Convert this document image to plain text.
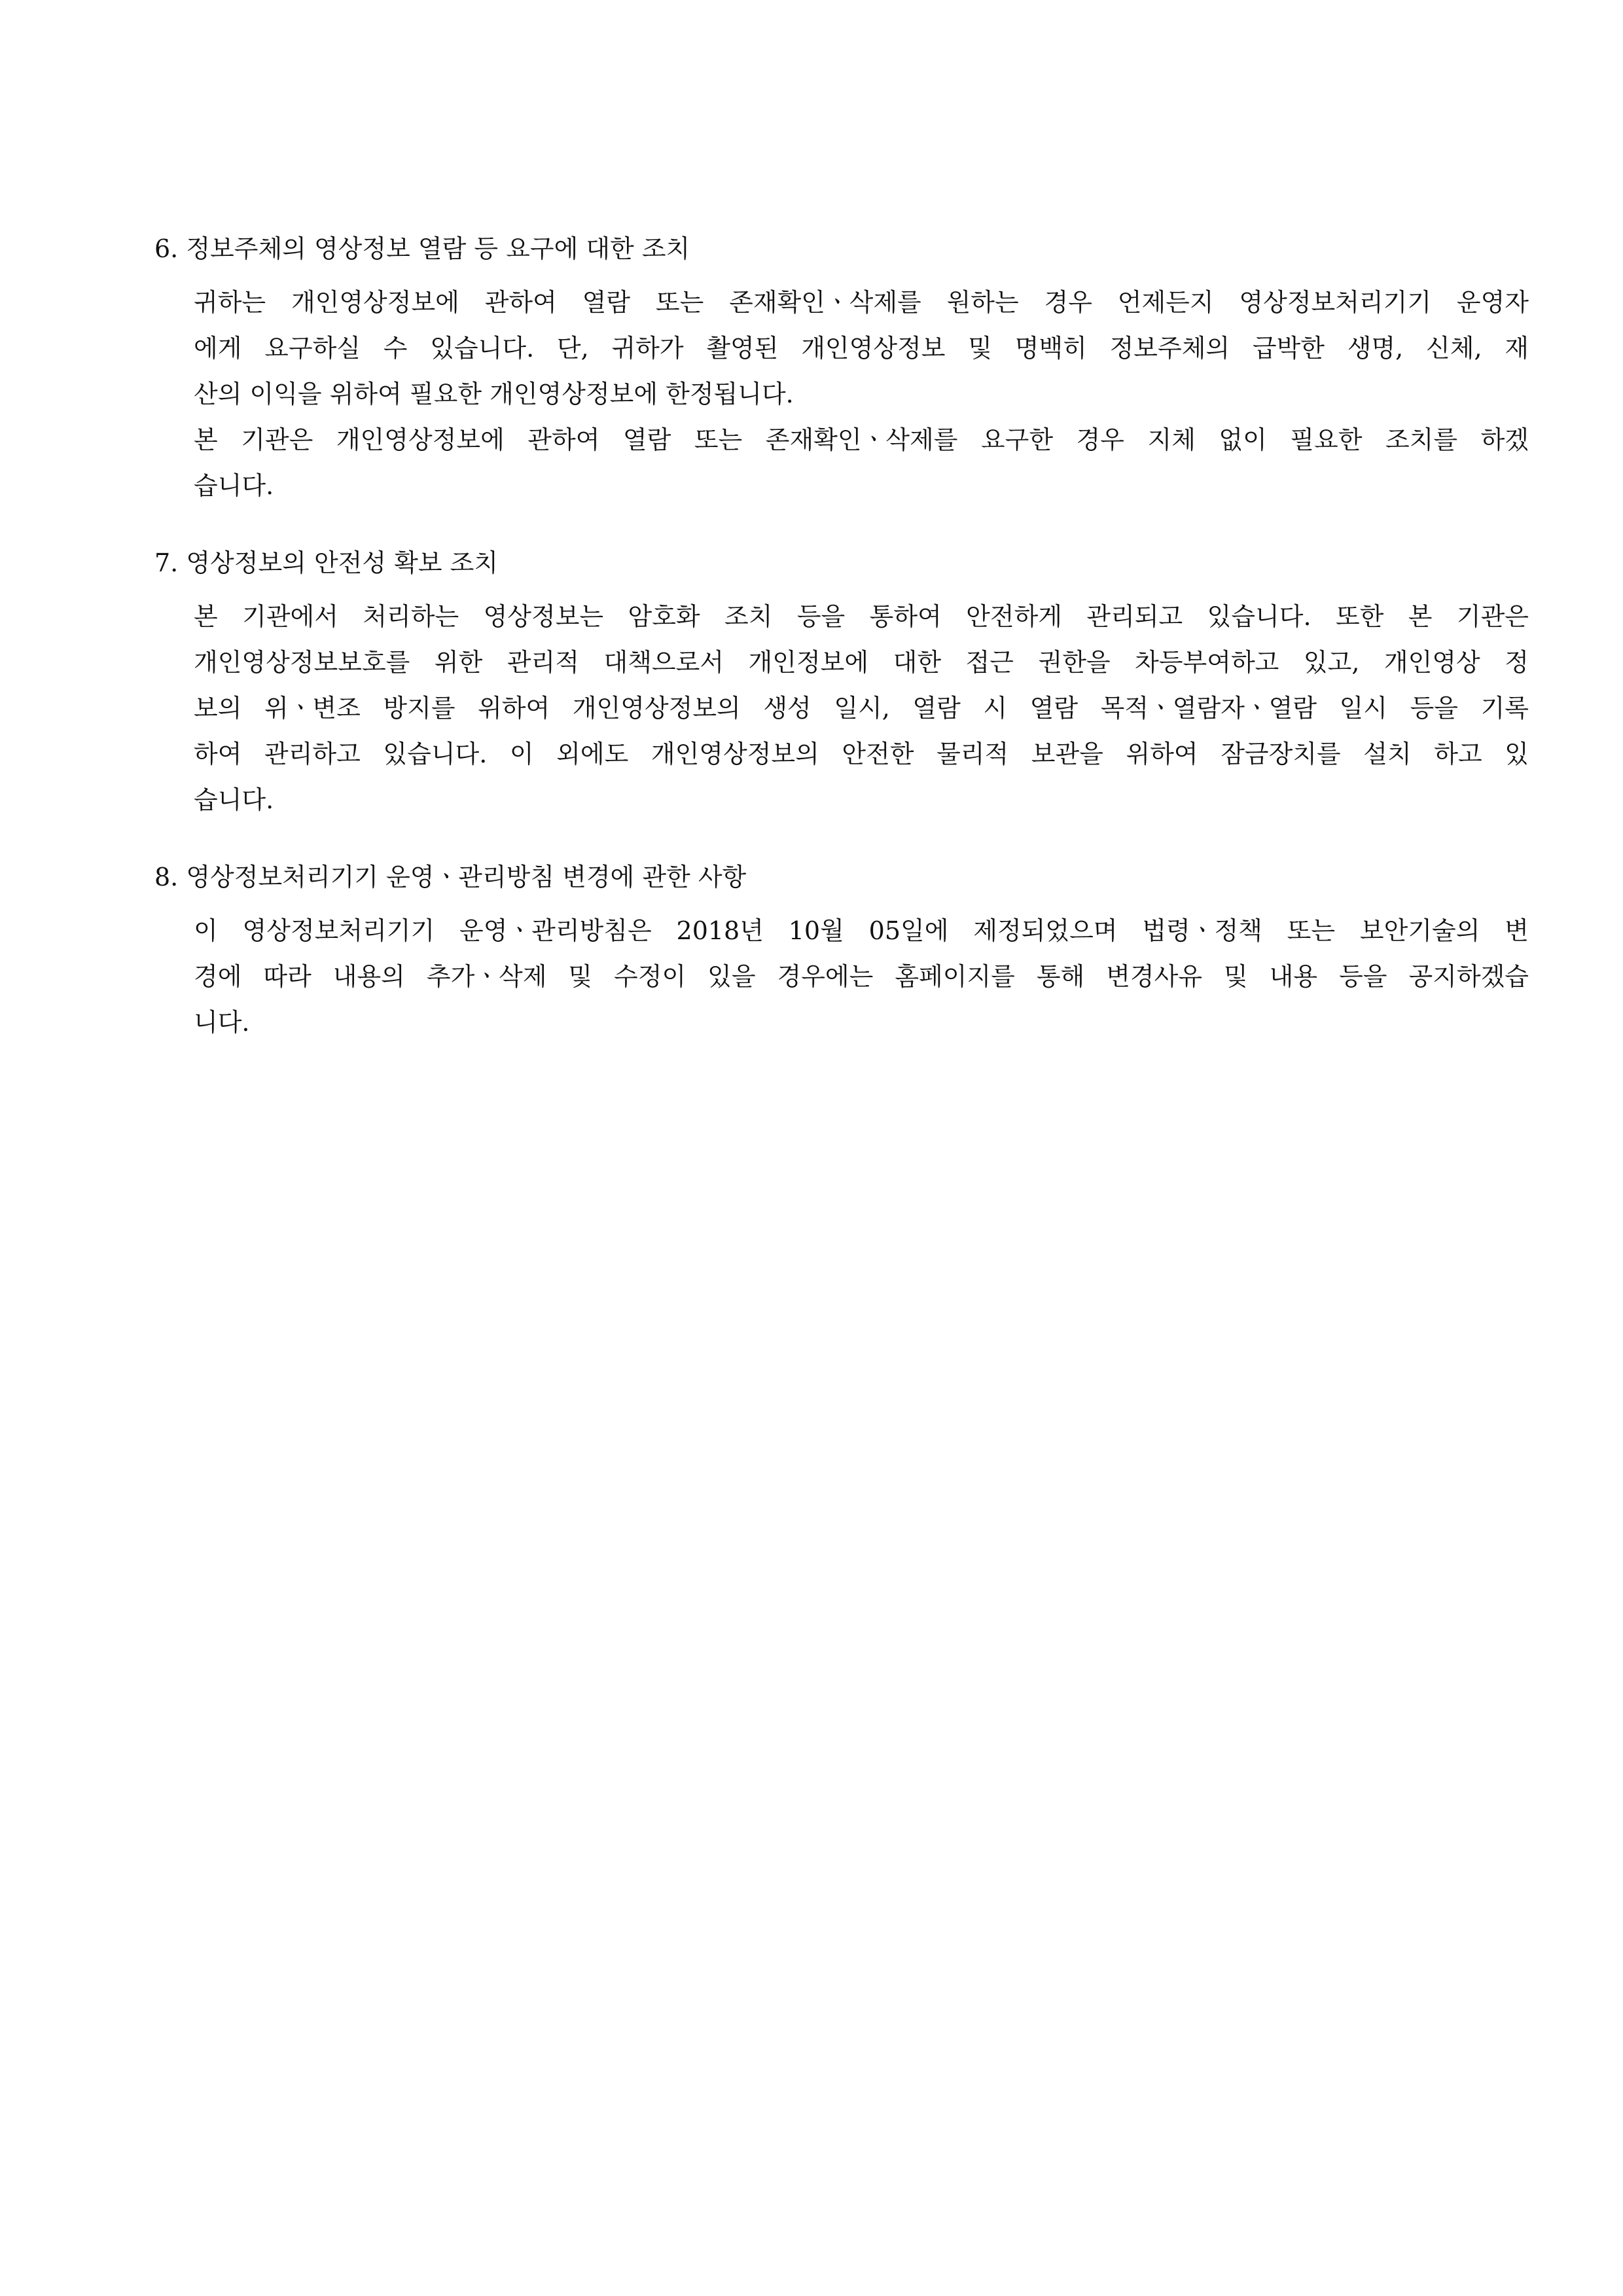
6. 정보주체의 영상정보 열람 등 요구에 대한 조치

귀하는 개인영상정보에 관하여 열람 또는 존재확인ㆍ삭제를 원하는 경우 언제든지 영상정보처리기기 운영자

에게 요구하실 수 있습니다. 단, 귀하가 촬영된 개인영상정보 및 명백히 정보주체의 급박한 생명, 신체, 재

산의 이익을 위하여 필요한 개인영상정보에 한정됩니다.

본 기관은 개인영상정보에 관하여 열람 또는 존재확인ㆍ삭제를 요구한 경우 지체 없이 필요한 조치를 하겠

습니다.

7. 영상정보의 안전성 확보 조치

본 기관에서 처리하는 영상정보는 암호화 조치 등을 통하여 안전하게 관리되고 있습니다. 또한 본 기관은

개인영상정보보호를 위한 관리적 대책으로서 개인정보에 대한 접근 권한을 차등부여하고 있고, 개인영상 정

보의 위ㆍ변조 방지를 위하여 개인영상정보의 생성 일시, 열람 시 열람 목적ㆍ열람자ㆍ열람 일시 등을 기록

하여 관리하고 있습니다. 이 외에도 개인영상정보의 안전한 물리적 보관을 위하여 잠금장치를 설치 하고 있

습니다.

8. 영상정보처리기기 운영ㆍ관리방침 변경에 관한 사항

이 영상정보처리기기 운영ㆍ관리방침은 2018년 10월 05일에 제정되었으며 법령ㆍ정책 또는 보안기술의 변

경에 따라 내용의 추가ㆍ삭제 및 수정이 있을 경우에는 홈페이지를 통해 변경사유 및 내용 등을 공지하겠습

니다.
